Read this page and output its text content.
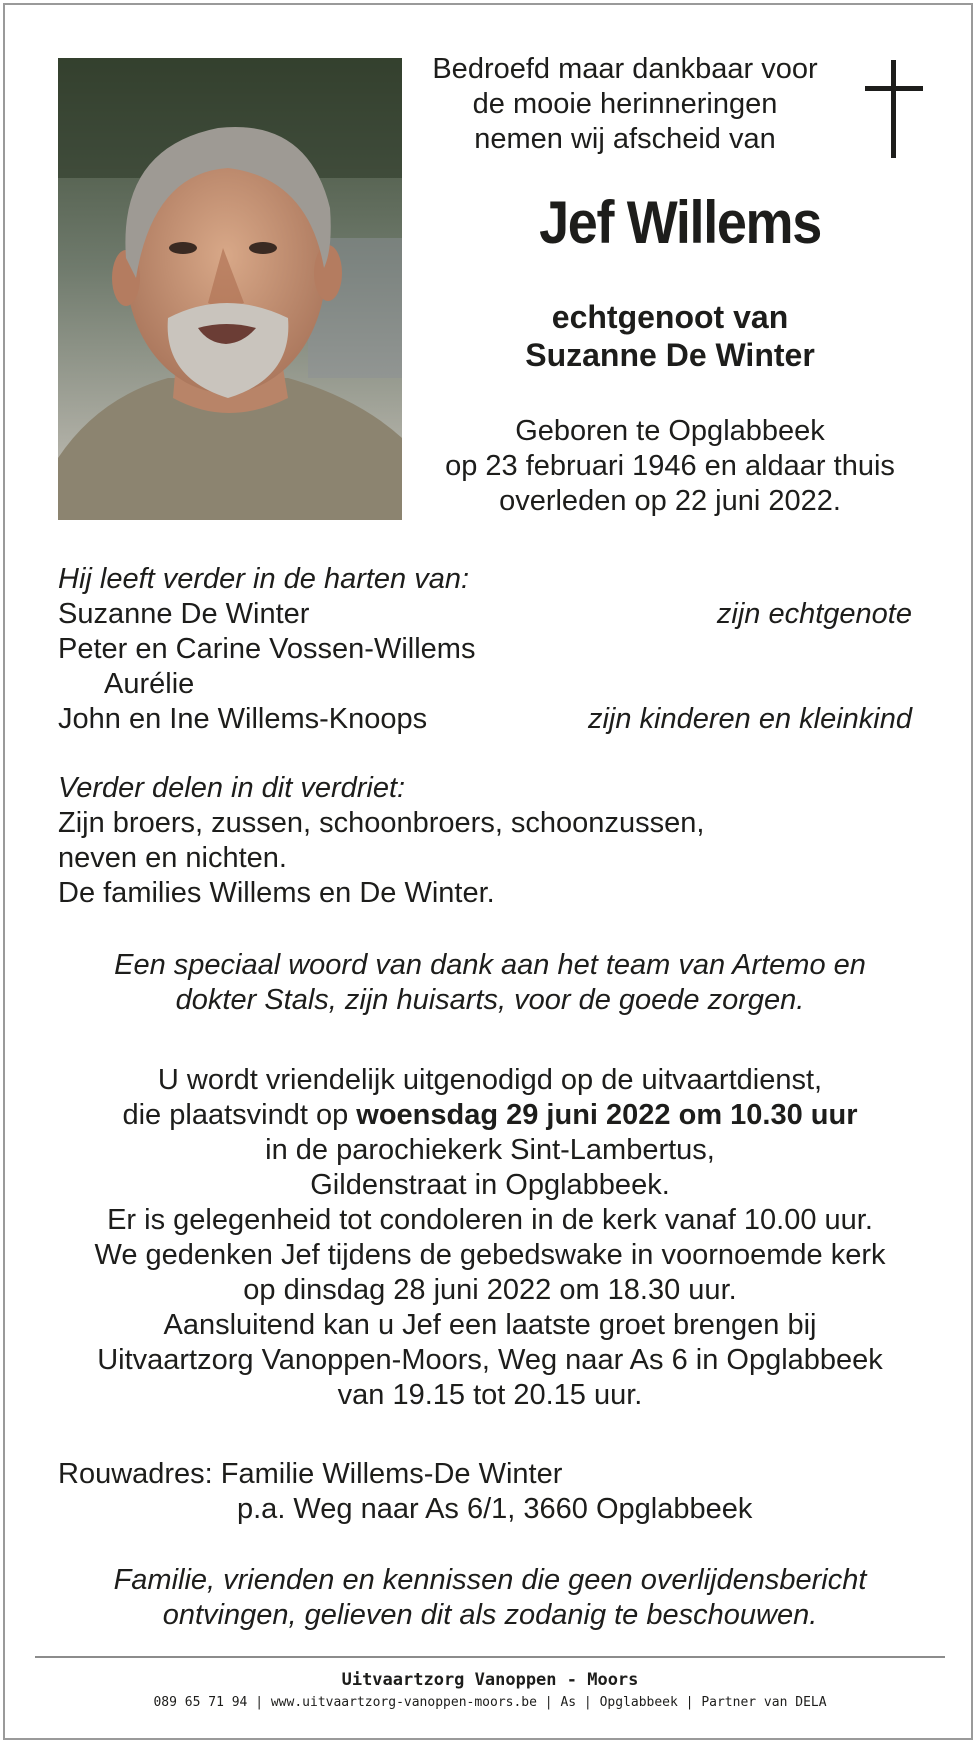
Bedroefd maar dankbaar voor
de mooie herinneringen
nemen wij afscheid van
Jef Willems
echtgenoot van
Suzanne De Winter
Geboren te Opglabbeek
op 23 februari 1946 en aldaar thuis
overleden op 22 juni 2022.
Hij leeft verder in de harten van:
Suzanne De Winter	zijn echtgenote
Peter en Carine Vossen-Willems
Aurélie
John en Ine Willems-Knoops	zijn kinderen en kleinkind
Verder delen in dit verdriet:
Zijn broers, zussen, schoonbroers, schoonzussen,
neven en nichten.
De families Willems en De Winter.
Een speciaal woord van dank aan het team van Artemo en
dokter Stals, zijn huisarts, voor de goede zorgen.
U wordt vriendelijk uitgenodigd op de uitvaartdienst,
die plaatsvindt op woensdag 29 juni 2022 om 10.30 uur
in de parochiekerk Sint-Lambertus,
Gildenstraat in Opglabbeek.
Er is gelegenheid tot condoleren in de kerk vanaf 10.00 uur.
We gedenken Jef tijdens de gebedswake in voornoemde kerk
op dinsdag 28 juni 2022 om 18.30 uur.
Aansluitend kan u Jef een laatste groet brengen bij
Uitvaartzorg Vanoppen-Moors, Weg naar As 6 in Opglabbeek
van 19.15 tot 20.15 uur.
Rouwadres: Familie Willems-De Winter
p.a. Weg naar As 6/1, 3660 Opglabbeek
Familie, vrienden en kennissen die geen overlijdensbericht
ontvingen, gelieven dit als zodanig te beschouwen.
Uitvaartzorg Vanoppen - Moors
089 65 71 94 | www.uitvaartzorg-vanoppen-moors.be | As | Opglabbeek | Partner van DELA
